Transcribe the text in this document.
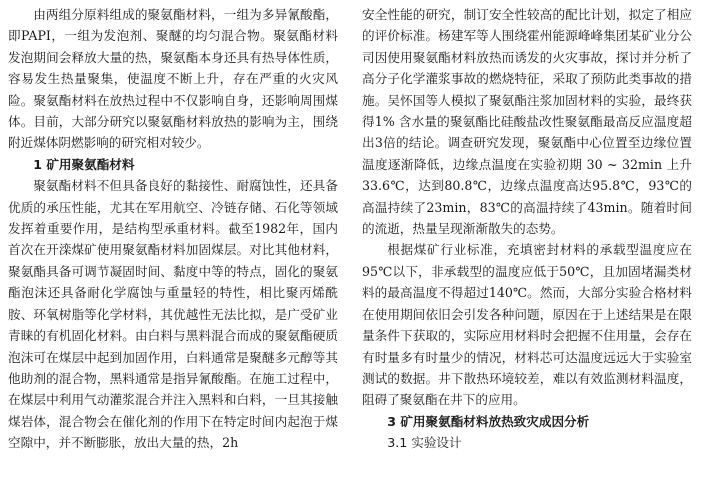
由两组分原料组成的聚氨酯材料，一组为多异氰酸酯，即PAPI，一组为发泡剂、聚醚的均匀混合物。聚氨酯材料发泡期间会释放大量的热，聚氨酯本身还具有热导体性质，容易发生热量聚集，使温度不断上升，存在严重的火灾风险。聚氨酯材料在放热过程中不仅影响自身，还影响周围煤体。目前，大部分研究以聚氨酯材料放热的影响为主，围绕附近煤体阴燃影响的研究相对较少。

1 矿用聚氨酯材料

聚氨酯材料不但具备良好的黏接性、耐腐蚀性，还具备优质的承压性能，尤其在军用航空、冷链存储、石化等领域发挥着重要作用，是结构型承重材料。截至1982年，国内首次在开滦煤矿使用聚氨酯材料加固煤层。对比其他材料，聚氨酯具备可调节凝固时间、黏度中等的特点，固化的聚氨酯泡沫还具备耐化学腐蚀与重量轻的特性，相比聚丙烯酰胺、环氧树脂等化学材料，其优越性无法比拟，是广受矿业青睐的有机固化材料。由白料与黑料混合而成的聚氨酯硬质泡沫可在煤层中起到加固作用，白料通常是聚醚多元醇等其他助剂的混合物，黑料通常是指异氰酸酯。在施工过程中，在煤层中利用气动灌浆混合并注入黑料和白料，一旦其接触煤岩体，混合物会在催化剂的作用下在特定时间内起泡于煤空隙中，并不断膨胀，放出大量的热，2h

安全性能的研究，制订安全性较高的配比计划，拟定了相应的评价标准。杨建军等人围绕霍州能源峰峰集团某矿业分公司因使用聚氨酯材料放热而诱发的火灾事故，探讨并分析了高分子化学灌浆事故的燃烧特征，采取了预防此类事故的措施。吴怀国等人模拟了聚氨酯注浆加固材料的实验，最终获得1% 含水量的聚氨酯比硅酸盐改性聚氨酯最高反应温度超出3倍的结论。调查研究发现，聚氨酯中心位置至边缘位置温度逐渐降低，边缘点温度在实验初期 30 ~ 32min 上升33.6℃，达到80.8℃，边缘点温度高达95.8℃，93℃的高温持续了23min，83℃的高温持续了43min。随着时间的流逝，热量呈现渐渐散失的态势。

根据煤矿行业标准，充填密封材料的承载型温度应在95℃以下，非承载型的温度应低于50℃，且加固堵漏类材料的最高温度不得超过140℃。然而，大部分实验合格材料在使用期间依旧会引发各种问题，原因在于上述结果是在限量条件下获取的，实际应用材料时会把握不住用量，会存在有时量多有时量少的情况，材料芯可达温度远远大于实验室测试的数据。井下散热环境较差，难以有效监测材料温度，阻碍了聚氨酯在井下的应用。

3 矿用聚氨酯材料放热致灾成因分析
3.1 实验设计
